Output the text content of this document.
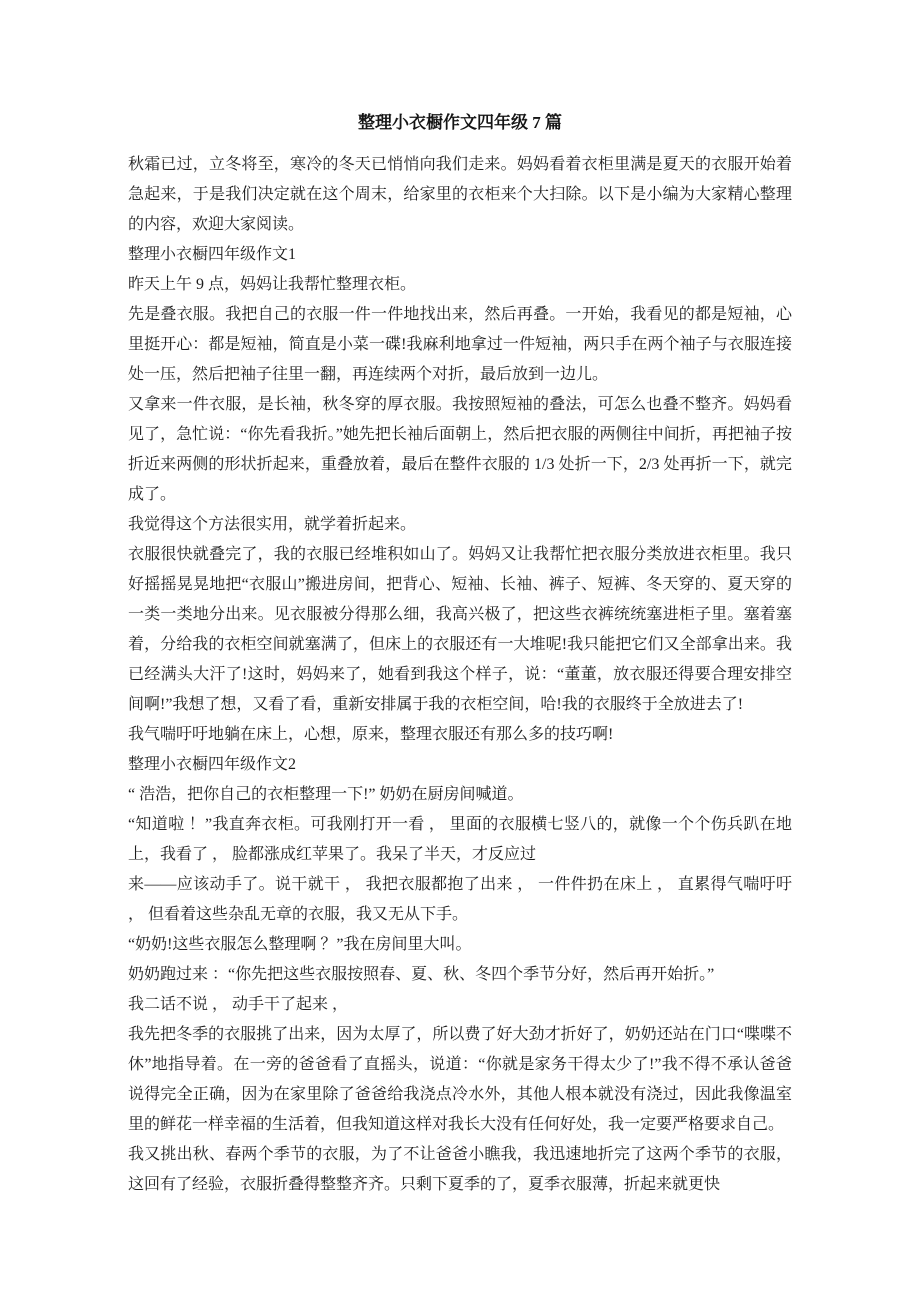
整理小衣橱作文四年级 7 篇

秋霜已过，立冬将至，寒冷的冬天已悄悄向我们走来。妈妈看着衣柜里满是夏天的衣服开始着急起来，于是我们决定就在这个周末，给家里的衣柜来个大扫除。以下是小编为大家精心整理的内容，欢迎大家阅读。

整理小衣橱四年级作文1

昨天上午 9 点，妈妈让我帮忙整理衣柜。

先是叠衣服。我把自己的衣服一件一件地找出来，然后再叠。一开始，我看见的都是短袖，心里挺开心：都是短袖，简直是小菜一碟!我麻利地拿过一件短袖，两只手在两个袖子与衣服连接处一压，然后把袖子往里一翻，再连续两个对折，最后放到一边儿。

又拿来一件衣服，是长袖，秋冬穿的厚衣服。我按照短袖的叠法，可怎么也叠不整齐。妈妈看见了，急忙说：“你先看我折。”她先把长袖后面朝上，然后把衣服的两侧往中间折，再把袖子按折近来两侧的形状折起来，重叠放着，最后在整件衣服的 1/3 处折一下，2/3 处再折一下，就完成了。

我觉得这个方法很实用，就学着折起来。

衣服很快就叠完了，我的衣服已经堆积如山了。妈妈又让我帮忙把衣服分类放进衣柜里。我只好摇摇晃晃地把“衣服山”搬进房间，把背心、短袖、长袖、裤子、短裤、冬天穿的、夏天穿的一类一类地分出来。见衣服被分得那么细，我高兴极了，把这些衣裤统统塞进柜子里。塞着塞着，分给我的衣柜空间就塞满了，但床上的衣服还有一大堆呢!我只能把它们又全部拿出来。我已经满头大汗了!这时，妈妈来了，她看到我这个样子，说：“董董，放衣服还得要合理安排空间啊!”我想了想，又看了看，重新安排属于我的衣柜空间，哈!我的衣服终于全放进去了!

我气喘吁吁地躺在床上，心想，原来，整理衣服还有那么多的技巧啊!

整理小衣橱四年级作文2

“ 浩浩，把你自己的衣柜整理一下!” 奶奶在厨房间喊道。

“知道啦 ！”我直奔衣柜。可我刚打开一看 ， 里面的衣服横七竖八的，就像一个个伤兵趴在地上，我看了 ， 脸都涨成红苹果了。我呆了半天，才反应过

来——应该动手了。说干就干 ， 我把衣服都抱了出来 ， 一件件扔在床上 ， 直累得气喘吁吁 ， 但看着这些杂乱无章的衣服，我又无从下手。

“奶奶!这些衣服怎么整理啊 ？”我在房间里大叫。

奶奶跑过来 ：“你先把这些衣服按照春、夏、秋、冬四个季节分好，然后再开始折。”

我二话不说 ， 动手干了起来 ，

我先把冬季的衣服挑了出来，因为太厚了，所以费了好大劲才折好了，奶奶还站在门口“喋喋不休”地指导着。在一旁的爸爸看了直摇头，说道：“你就是家务干得太少了!”我不得不承认爸爸说得完全正确，因为在家里除了爸爸给我浇点冷水外，其他人根本就没有浇过，因此我像温室里的鲜花一样幸福的生活着，但我知道这样对我长大没有任何好处，我一定要严格要求自己。

我又挑出秋、春两个季节的衣服，为了不让爸爸小瞧我，我迅速地折完了这两个季节的衣服，这回有了经验，衣服折叠得整整齐齐。只剩下夏季的了，夏季衣服薄，折起来就更快
